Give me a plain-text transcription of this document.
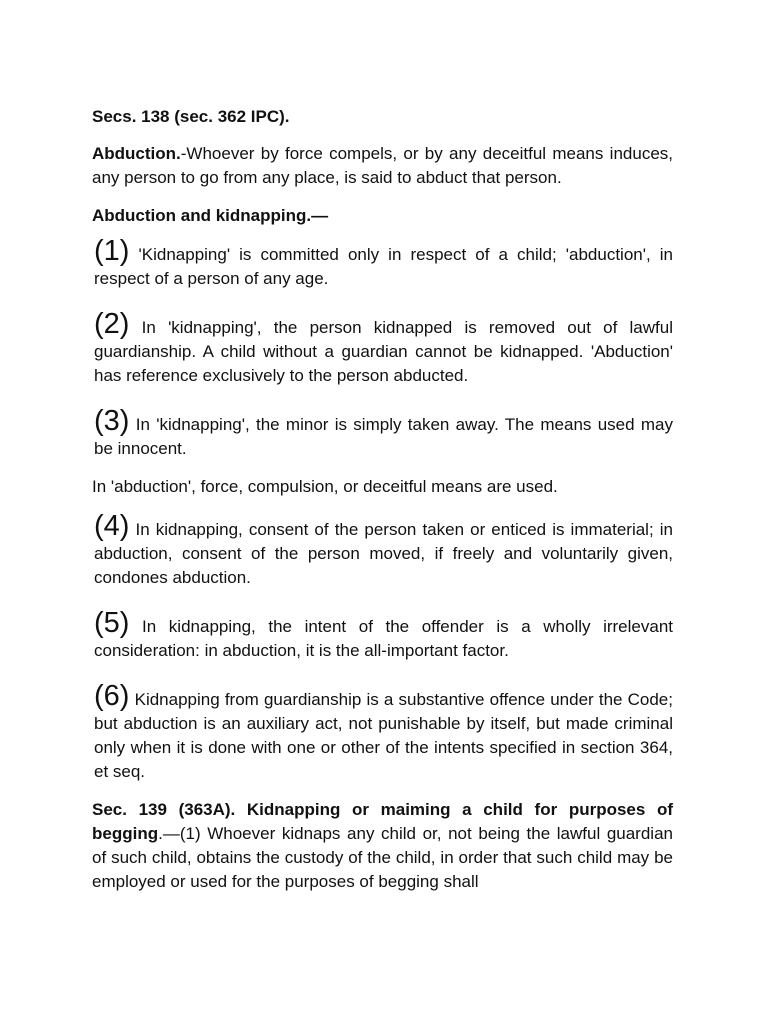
Secs. 138 (sec. 362 IPC).

Abduction.-Whoever by force compels, or by any deceitful means induces, any person to go from any place, is said to abduct that person.

Abduction and kidnapping.—

(1) 'Kidnapping' is committed only in respect of a child; 'abduction', in respect of a person of any age.

(2) In 'kidnapping', the person kidnapped is removed out of lawful guardianship. A child without a guardian cannot be kidnapped. 'Abduction' has reference exclusively to the person abducted.

(3) In 'kidnapping', the minor is simply taken away. The means used may be innocent.

In 'abduction', force, compulsion, or deceitful means are used.

(4) In kidnapping, consent of the person taken or enticed is immaterial; in abduction, consent of the person moved, if freely and voluntarily given, condones abduction.

(5) In kidnapping, the intent of the offender is a wholly irrelevant consideration: in abduction, it is the all-important factor.

(6) Kidnapping from guardianship is a substantive offence under the Code; but abduction is an auxiliary act, not punishable by itself, but made criminal only when it is done with one or other of the intents specified in section 364, et seq.

Sec. 139 (363A). Kidnapping or maiming a child for purposes of begging.—(1) Whoever kidnaps any child or, not being the lawful guardian of such child, obtains the custody of the child, in order that such child may be employed or used for the purposes of begging shall
